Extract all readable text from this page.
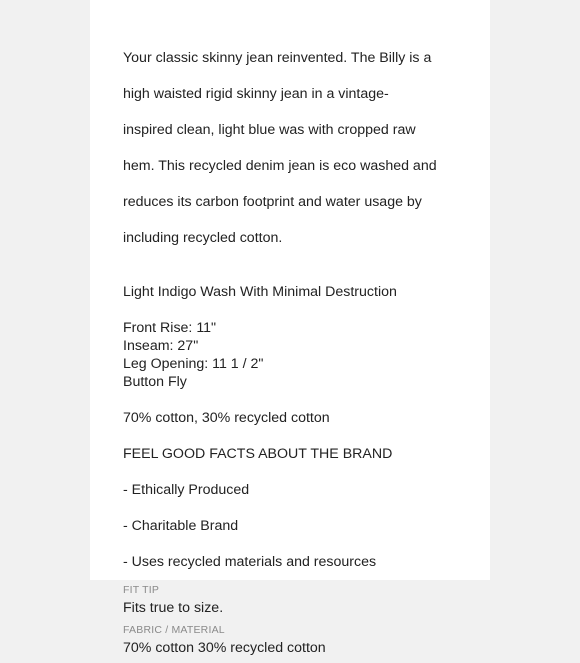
Your classic skinny jean reinvented. The Billy is a

high waisted rigid skinny jean in a vintage-

inspired clean, light blue was with cropped raw

hem. This recycled denim jean is eco washed and

reduces its carbon footprint and water usage by

including recycled cotton.

Light Indigo Wash With Minimal Destruction
Front Rise: 11"
Inseam: 27"
Leg Opening: 11 1 / 2"
Button Fly
70% cotton, 30% recycled cotton
FEEL GOOD FACTS ABOUT THE BRAND
- Ethically Produced
- Charitable Brand
- Uses recycled materials and resources
FIT TIP
Fits true to size.
FABRIC / MATERIAL
70% cotton 30% recycled cotton
